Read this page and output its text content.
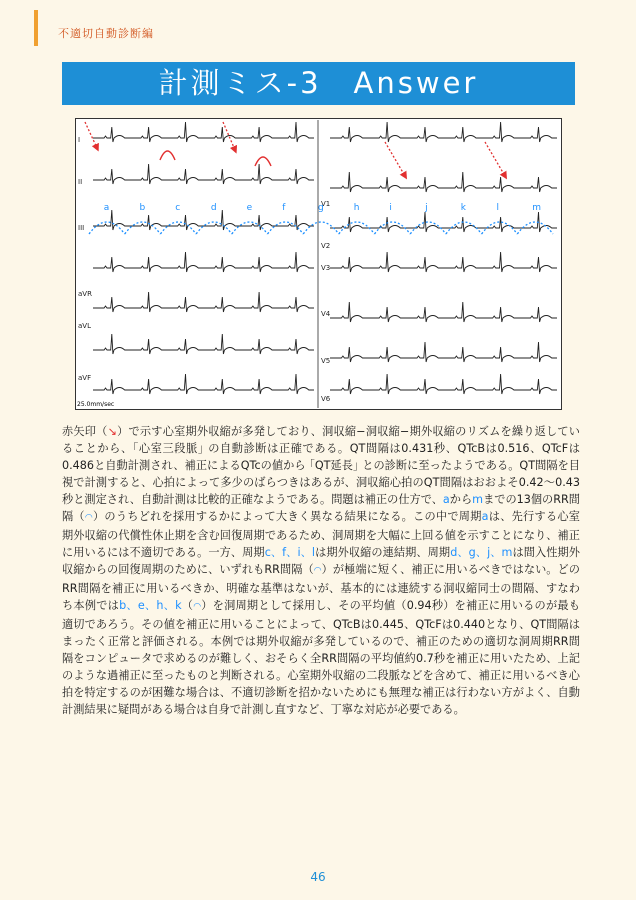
不適切自動診断編
計測ミス-3　Answer
I
II
III
aVR
aVL
aVF
V1
V2
V3
V4
V5
V6
a	b	c	d	e	f	g	h	i	j	k	l	m
25.0mm/sec

赤矢印（↘）で示す心室期外収縮が多発しており、洞収縮−洞収縮−期外収縮のリズムを繰り返していることから、｢心室三段脈｣ の自動診断は正確である。QT間隔は0.431秒、QTcBは0.516、QTcFは0.486と自動計測され、補正によるQTcの値から ｢QT延長｣ との診断に至ったようである。QT間隔を目視で計測すると、心拍によって多少のばらつきはあるが、洞収縮心拍のQT間隔はおおよそ0.42〜0.43秒と測定され、自動計測は比較的正確なようである。問題は補正の仕方で、aからmまでの13個のRR間隔（◠）のうちどれを採用するかによって大きく異なる結果になる。この中で周期aは、先行する心室期外収縮の代償性休止期を含む回復周期であるため、洞周期を大幅に上回る値を示すことになり、補正に用いるには不適切である。一方、周期c、f、i、lは期外収縮の連結期、周期d、g、j、mは間入性期外収縮からの回復周期のために、いずれもRR間隔（◠）が極端に短く、補正に用いるべきではない。どのRR間隔を補正に用いるべきか、明確な基準はないが、基本的には連続する洞収縮同士の間隔、すなわち本例ではb、e、h、k（◠）を洞周期として採用し、その平均値（0.94秒）を補正に用いるのが最も適切であろう。その値を補正に用いることによって、QTcBは0.445、QTcFは0.440となり、QT間隔はまったく正常と評価される。本例では期外収縮が多発しているので、補正のための適切な洞周期RR間隔をコンピュータで求めるのが難しく、おそらく全RR間隔の平均値約0.7秒を補正に用いたため、上記のような過補正に至ったものと判断される。心室期外収縮の二段脈などを含めて、補正に用いるべき心拍を特定するのが困難な場合は、不適切診断を招かないためにも無理な補正は行わない方がよく、自動計測結果に疑問がある場合は自身で計測し直すなど、丁寧な対応が必要である。

46
